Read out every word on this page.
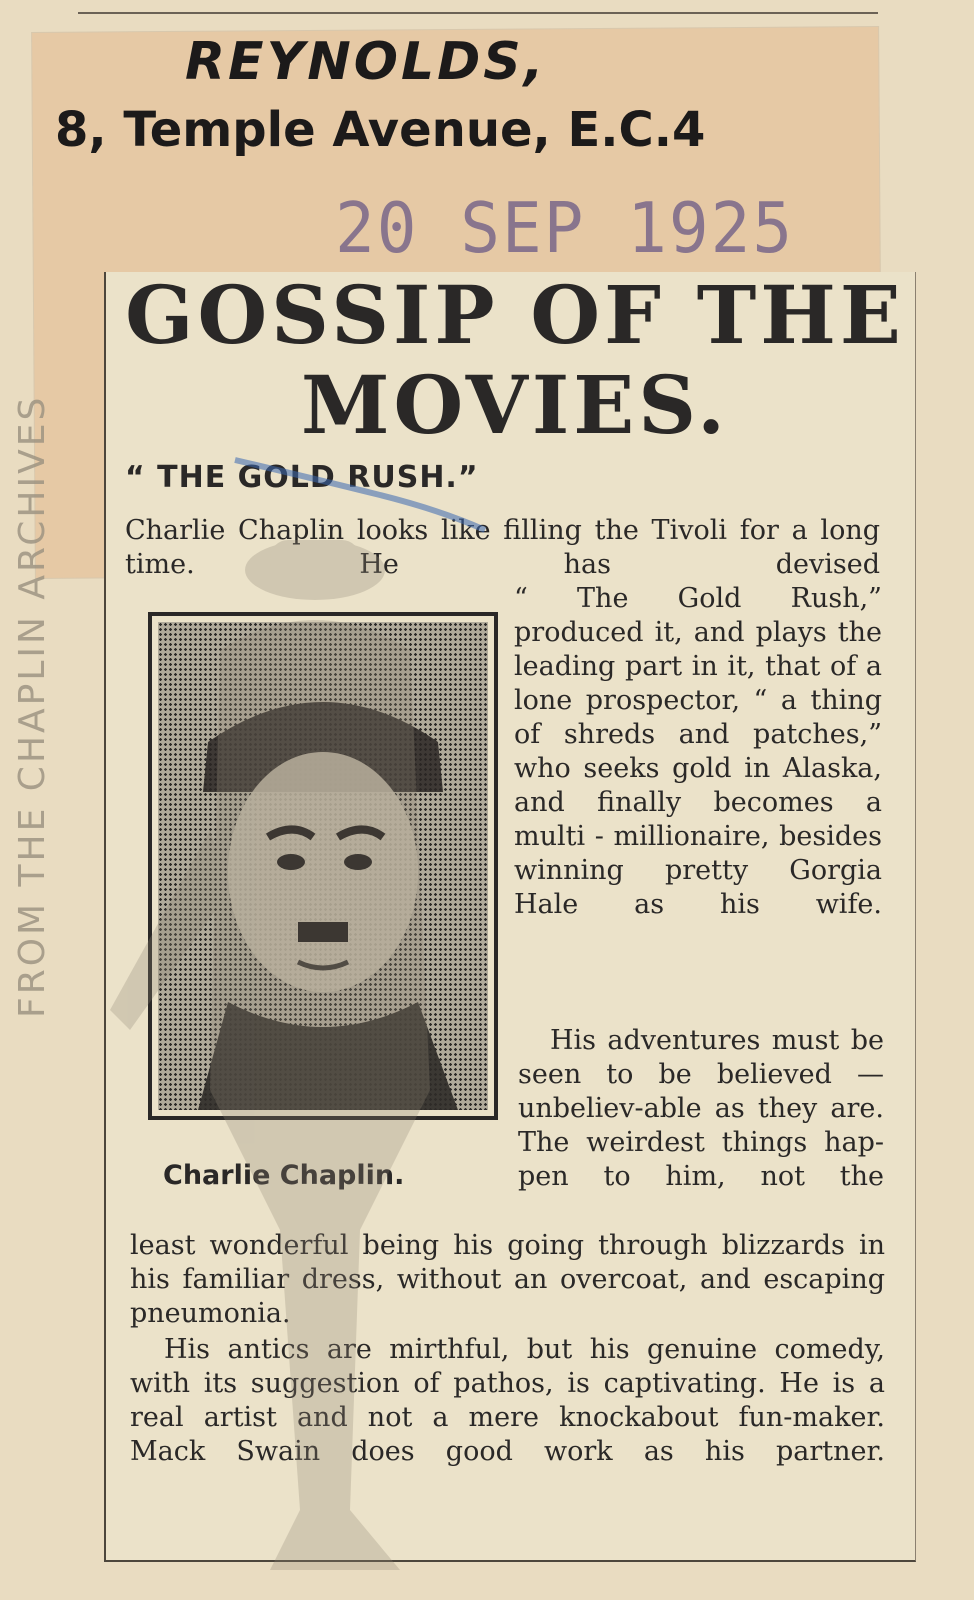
REYNOLDS,
8, Temple Avenue, E.C.4
20 SEP 1925
GOSSIP OF THE
MOVIES.
“ THE GOLD RUSH.”

Charlie Chaplin looks like filling the Tivoli for a long time. He has devised

Charlie Chaplin.

“ The Gold Rush,” produced it, and plays the leading part in it, that of a lone prospector, “ a thing of shreds and patches,” who seeks gold in Alaska, and finally becomes a multi - millionaire, besides winning pretty Gorgia Hale as his wife.

His adventures must be seen to be believed — unbeliev-able as they are. The weirdest things hap-pen to him, not the

least wonderful being his going through blizzards in his familiar dress, without an overcoat, and escaping pneumonia.

His antics are mirthful, but his genuine comedy, with its suggestion of pathos, is captivating. He is a real artist and not a mere knockabout fun-maker. Mack Swain does good work as his partner.

FROM THE CHAPLIN ARCHIVES
